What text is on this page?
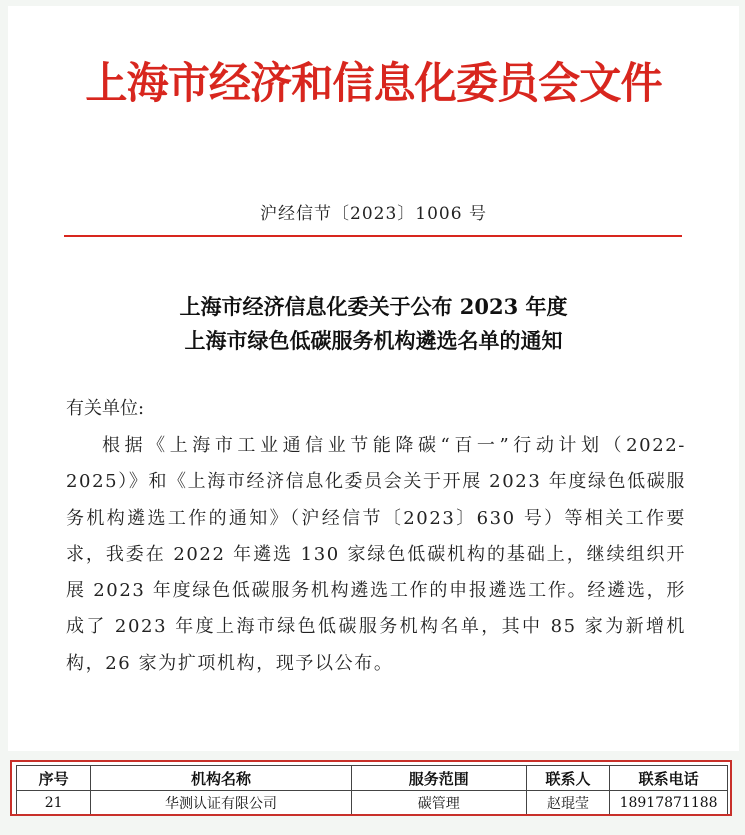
上海市经济和信息化委员会文件
沪经信节〔2023〕1006 号
上海市经济信息化委关于公布 2023 年度
上海市绿色低碳服务机构遴选名单的通知
有关单位:
根据《上海市工业通信业节能降碳“百一”行动计划（2022-2025）》和《上海市经济信息化委员会关于开展 2023 年度绿色低碳服务机构遴选工作的通知》（沪经信节〔2023〕630 号）等相关工作要求，我委在 2022 年遴选 130 家绿色低碳机构的基础上，继续组织开展 2023 年度绿色低碳服务机构遴选工作的申报遴选工作。经遴选，形成了 2023 年度上海市绿色低碳服务机构名单，其中 85 家为新增机构，26 家为扩项机构，现予以公布。
序号	机构名称	服务范围	联系人	联系电话
21	华测认证有限公司	碳管理	赵琨莹	18917871188
